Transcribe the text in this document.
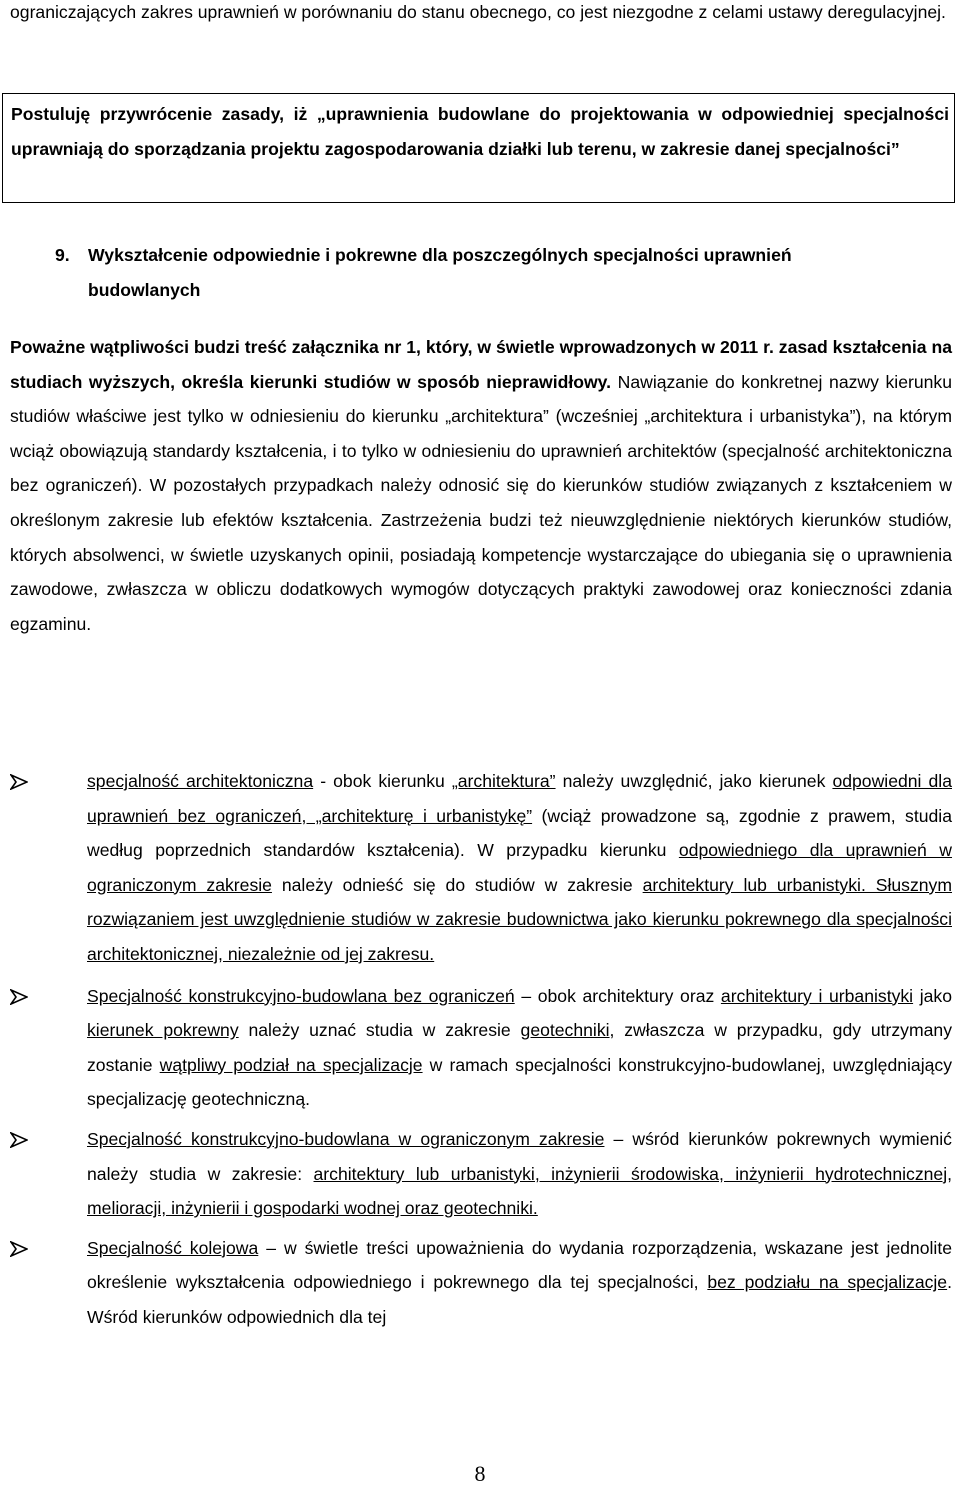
ograniczających zakres uprawnień w porównaniu do stanu obecnego, co jest niezgodne z celami ustawy deregulacyjnej.

Postuluję przywrócenie zasady, iż „uprawnienia budowlane do projektowania w odpowiedniej specjalności uprawniają do sporządzania projektu zagospodarowania działki lub terenu, w zakresie danej specjalności”

9. Wykształcenie odpowiednie i pokrewne dla poszczególnych specjalności uprawnień
budowlanych

Poważne wątpliwości budzi treść załącznika nr 1, który, w świetle wprowadzonych w 2011 r. zasad kształcenia na studiach wyższych, określa kierunki studiów w sposób nieprawidłowy. Nawiązanie do konkretnej nazwy kierunku studiów właściwe jest tylko w odniesieniu do kierunku „architektura” (wcześniej „architektura i urbanistyka”), na którym wciąż obowiązują standardy kształcenia, i to tylko w odniesieniu do uprawnień architektów (specjalność architektoniczna bez ograniczeń). W pozostałych przypadkach należy odnosić się do kierunków studiów związanych z kształceniem w określonym zakresie lub efektów kształcenia. Zastrzeżenia budzi też nieuwzględnienie niektórych kierunków studiów, których absolwenci, w świetle uzyskanych opinii, posiadają kompetencje wystarczające do ubiegania się o uprawnienia zawodowe, zwłaszcza w obliczu dodatkowych wymogów dotyczących praktyki zawodowej oraz konieczności zdania egzaminu.

specjalność architektoniczna - obok kierunku „architektura” należy uwzględnić, jako kierunek odpowiedni dla uprawnień bez ograniczeń, „architekturę i urbanistykę” (wciąż prowadzone są, zgodnie z prawem, studia według poprzednich standardów kształcenia). W przypadku kierunku odpowiedniego dla uprawnień w ograniczonym zakresie należy odnieść się do studiów w zakresie architektury lub urbanistyki. Słusznym rozwiązaniem jest uwzględnienie studiów w zakresie budownictwa jako kierunku pokrewnego dla specjalności architektonicznej, niezależnie od jej zakresu.

Specjalność konstrukcyjno-budowlana bez ograniczeń – obok architektury oraz architektury i urbanistyki jako kierunek pokrewny należy uznać studia w zakresie geotechniki, zwłaszcza w przypadku, gdy utrzymany zostanie wątpliwy podział na specjalizacje w ramach specjalności konstrukcyjno-budowlanej, uwzględniający specjalizację geotechniczną.

Specjalność konstrukcyjno-budowlana w ograniczonym zakresie – wśród kierunków pokrewnych wymienić należy studia w zakresie: architektury lub urbanistyki, inżynierii środowiska, inżynierii hydrotechnicznej, melioracji, inżynierii i gospodarki wodnej oraz geotechniki.

Specjalność kolejowa – w świetle treści upoważnienia do wydania rozporządzenia, wskazane jest jednolite określenie wykształcenia odpowiedniego i pokrewnego dla tej specjalności, bez podziału na specjalizacje. Wśród kierunków odpowiednich dla tej

8
